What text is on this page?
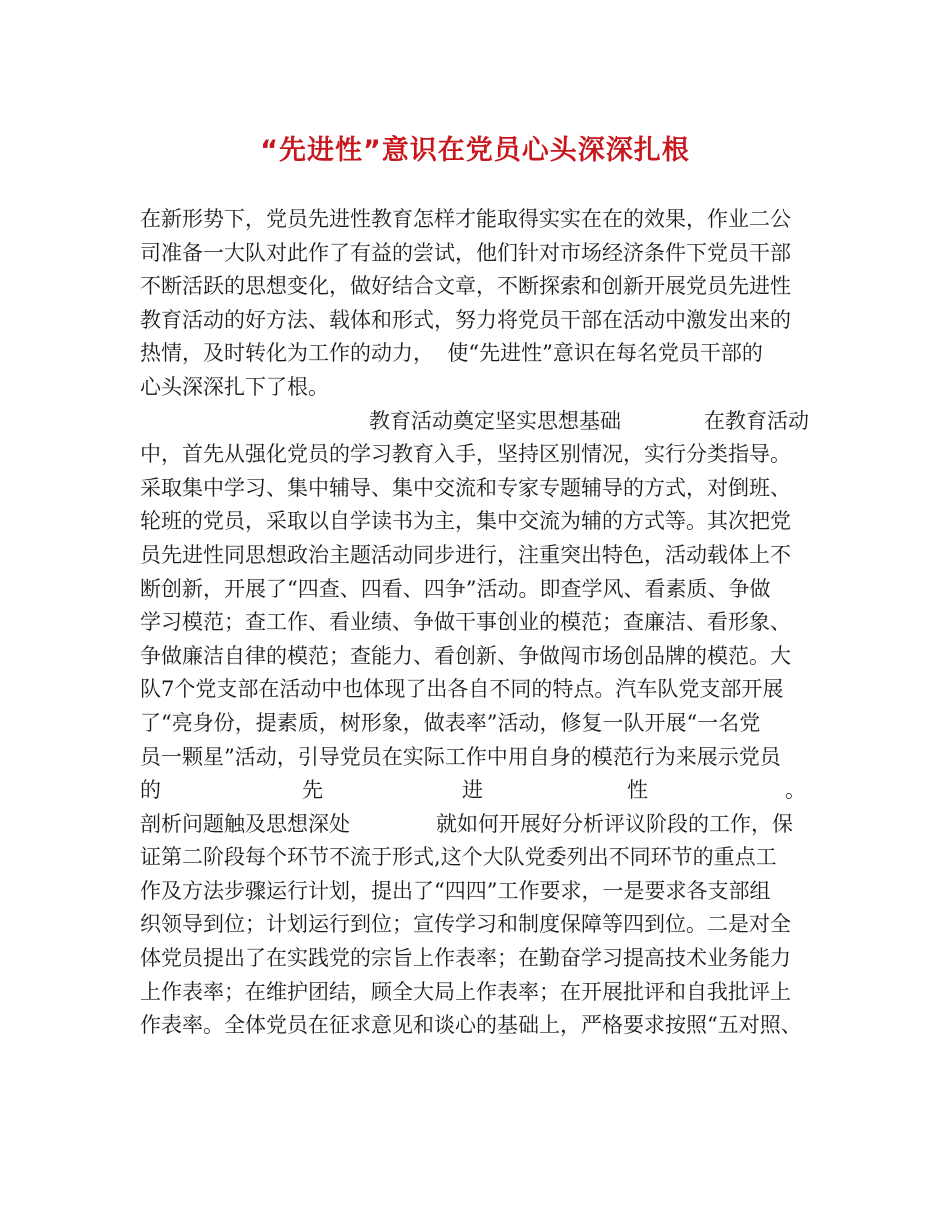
“先进性”意识在党员心头深深扎根
在新形势下，党员先进性教育怎样才能取得实实在在的效果，作业二公
司准备一大队对此作了有益的尝试，他们针对市场经济条件下党员干部
不断活跃的思想变化，做好结合文章，不断探索和创新开展党员先进性
教育活动的好方法、载体和形式，努力将党员干部在活动中激发出来的
热情，及时转化为工作的动力，  使“先进性”意识在每名党员干部的
心头深深扎下了根。
教育活动奠定坚实思想基础	在教育活动
中，首先从强化党员的学习教育入手，坚持区别情况，实行分类指导。
采取集中学习、集中辅导、集中交流和专家专题辅导的方式，对倒班、
轮班的党员，采取以自学读书为主，集中交流为辅的方式等。其次把党
员先进性同思想政治主题活动同步进行，注重突出特色，活动载体上不
断创新，开展了“四查、四看、四争”活动。即查学风、看素质、争做
学习模范；查工作、看业绩、争做干事创业的模范；查廉洁、看形象、
争做廉洁自律的模范；查能力、看创新、争做闯市场创品牌的模范。大
队7个党支部在活动中也体现了出各自不同的特点。汽车队党支部开展
了“亮身份，提素质，树形象，做表率”活动，修复一队开展“一名党
员一颗星”活动，引导党员在实际工作中用自身的模范行为来展示党员
的	先	进	性	。
剖析问题触及思想深处	就如何开展好分析评议阶段的工作，保
证第二阶段每个环节不流于形式,这个大队党委列出不同环节的重点工
作及方法步骤运行计划，提出了“四四”工作要求，一是要求各支部组
织领导到位；计划运行到位；宣传学习和制度保障等四到位。二是对全
体党员提出了在实践党的宗旨上作表率；在勤奋学习提高技术业务能力
上作表率；在维护团结，顾全大局上作表率；在开展批评和自我批评上
作表率。全体党员在征求意见和谈心的基础上，严格要求按照“五对照、
